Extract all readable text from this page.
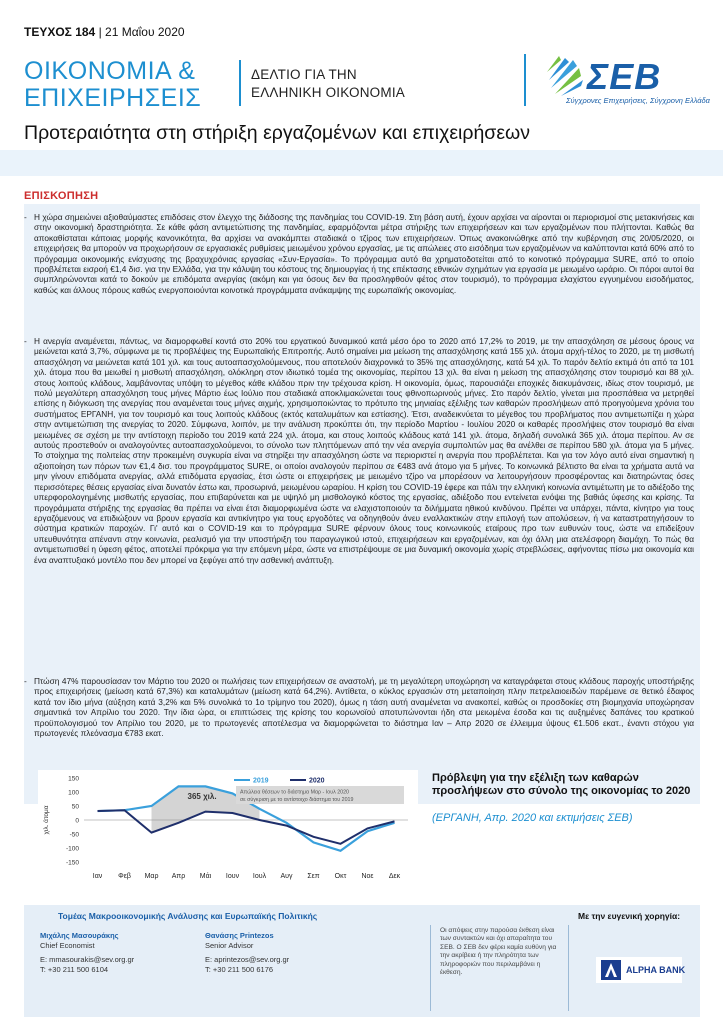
ΤΕΥΧΟΣ 184 | 21 Μαΐου 2020
ΟΙΚΟΝΟΜΙΑ &
ΕΠΙΧΕΙΡΗΣΕΙΣ
ΔΕΛΤΙΟ ΓΙΑ ΤΗΝ
ΕΛΛΗΝΙΚΗ ΟΙΚΟΝΟΜΙΑ	ΣΕΒ
Σύγχρονες Επιχειρήσεις, Σύγχρονη Ελλάδα
Προτεραιότητα στη στήριξη εργαζομένων και επιχειρήσεων
ΕΠΙΣΚΟΠΗΣΗ
- Η χώρα σημειώνει αξιοθαύμαστες επιδόσεις στον έλεγχο της διάδοσης της πανδημίας του COVID-19. Στη βάση αυτή, έχουν αρχίσει να αίρονται οι περιορισμοί στις μετακινήσεις και στην οικονομική δραστηριότητα. Σε κάθε φάση αντιμετώπισης της πανδημίας, εφαρμόζονται μέτρα στήριξης των επιχειρήσεων και των εργαζομένων που πλήττονται. Καθώς θα αποκαθίσταται κάποιας μορφής κανονικότητα, θα αρχίσει να ανακάμπτει σταδιακά ο τζίρος των επιχειρήσεων. Όπως ανακοινώθηκε από την κυβέρνηση στις 20/05/2020, οι επιχειρήσεις θα μπορούν να προχωρήσουν σε εργασιακές ρυθμίσεις μειωμένου χρόνου εργασίας, με τις απώλειες στο εισόδημα των εργαζομένων να καλύπτονται κατά 60% από το πρόγραμμα οικονομικής ενίσχυσης της βραχυχρόνιας εργασίας «Συν-Εργασία». Το πρόγραμμα αυτό θα χρηματοδοτείται από το κοινοτικό πρόγραμμα SURE, από το οποίο προβλέπεται εισροή €1,4 δισ. για την Ελλάδα, για την κάλυψη του κόστους της δημιουργίας ή της επέκτασης εθνικών σχημάτων για εργασία με μειωμένο ωράριο. Οι πόροι αυτοί θα συμπληρώνονται κατά το δοκούν με επιδόματα ανεργίας (ακόμη και για όσους δεν θα προσληφθούν φέτος στον τουρισμό), το πρόγραμμα ελαχίστου εγγυημένου εισοδήματος, καθώς και άλλους πόρους καθώς ενεργοποιούνται κοινοτικά προγράμματα ανάκαμψης της ευρωπαϊκής οικονομίας.
- Η ανεργία αναμένεται, πάντως, να διαμορφωθεί κοντά στο 20% του εργατικού δυναμικού κατά μέσο όρο το 2020 από 17,2% το 2019, με την απασχόληση σε μέσους όρους να μειώνεται κατά 3,7%, σύμφωνα με τις προβλέψεις της Ευρωπαϊκής Επιτροπής. Αυτό σημαίνει μια μείωση της απασχόλησης κατά 155 χιλ. άτομα αρχή-τέλος το 2020, με τη μισθωτή απασχόληση να μειώνεται κατά 101 χιλ. και τους αυτοαπασχολούμενους, που αποτελούν διαχρονικά το 35% της απασχόλησης, κατά 54 χιλ. Το παρόν δελτίο εκτιμά ότι από τα 101 χιλ. άτομα που θα μειωθεί η μισθωτή απασχόληση, ολόκληρη στον ιδιωτικό τομέα της οικονομίας, περίπου 13 χιλ. θα είναι η μείωση της απασχόλησης στον τουρισμό και 88 χιλ. στους λοιπούς κλάδους, λαμβάνοντας υπόψη το μέγεθος κάθε κλάδου πριν την τρέχουσα κρίση. Η οικονομία, όμως, παρουσιάζει εποχικές διακυμάνσεις, ιδίως στον τουρισμό, με πολύ μεγαλύτερη απασχόληση τους μήνες Μάρτιο έως Ιούλιο που σταδιακά αποκλιμακώνεται τους φθινοπωρινούς μήνες. Στο παρόν δελτίο, γίνεται μια προσπάθεια να μετρηθεί επίσης η διόγκωση της ανεργίας που αναμένεται τους μήνες αιχμής, χρησιμοποιώντας το πρότυπο της μηνιαίας εξέλιξης των καθαρών προσλήψεων από προηγούμενα χρόνια του συστήματος ΕΡΓΑΝΗ, για τον τουρισμό και τους λοιπούς κλάδους (εκτός καταλυμάτων και εστίασης). Έτσι, αναδεικνύεται το μέγεθος του προβλήματος που αντιμετωπίζει η χώρα στην αντιμετώπιση της ανεργίας το 2020. Σύμφωνα, λοιπόν, με την ανάλυση προκύπτει ότι, την περίοδο Μαρτίου - Ιουλίου 2020 οι καθαρές προσλήψεις στον τουρισμό θα είναι μειωμένες σε σχέση με την αντίστοιχη περίοδο του 2019 κατά 224 χιλ. άτομα, και στους λοιπούς κλάδους κατά 141 χιλ. άτομα, δηλαδή συνολικά 365 χιλ. άτομα περίπου. Αν σε αυτούς προστεθούν οι αναλογούντες αυτοαπασχολούμενοι, το σύνολο των πληττόμενων από την νέα ανεργία συμπολιτών μας θα ανέλθει σε περίπου 580 χιλ. άτομα για 5 μήνες. Το στοίχημα της πολιτείας στην προκειμένη συγκυρία είναι να στηρίξει την απασχόληση ώστε να περιοριστεί η ανεργία που προβλέπεται. Και για τον λόγο αυτό είναι σημαντική η αξιοποίηση των πόρων των €1,4 δισ. του προγράμματος SURE, οι οποίοι αναλογούν περίπου σε €483 ανά άτομο για 5 μήνες. Το κοινωνικά βέλτιστο θα είναι τα χρήματα αυτά να μην γίνουν επιδόματα ανεργίας, αλλά επιδόματα εργασίας, έτσι ώστε οι επιχειρήσεις με μειωμένο τζίρο να μπορέσουν να λειτουργήσουν προσφέροντας και διατηρώντας όσες περισσότερες θέσεις εργασίας είναι δυνατόν έστω και, προσωρινά, μειωμένου ωραρίου. Η κρίση του COVID-19 έφερε και πάλι την ελληνική κοινωνία αντιμέτωπη με το αδιέξοδο της υπερφορολογημένης μισθωτής εργασίας, που επιβαρύνεται και με υψηλό μη μισθολογικό κόστος της εργασίας, αδιέξοδο που εντείνεται ενόψει της βαθιάς ύφεσης και κρίσης. Τα προγράμματα στήριξης της εργασίας θα πρέπει να είναι έτσι διαμορφωμένα ώστε να ελαχιστοποιούν τα διλήμματα ηθικού κινδύνου. Πρέπει να υπάρχει, πάντα, κίνητρο για τους εργαζόμενους να επιδιώξουν να βρουν εργασία και αντικίνητρο για τους εργοδότες να οδηγηθούν άνευ εναλλακτικών στην επιλογή των απολύσεων, ή να καταστρατηγήσουν το σύστημα κρατικών παροχών. Γι' αυτό και ο COVID-19 και το πρόγραμμα SURE φέρνουν όλους τους κοινωνικούς εταίρους προ των ευθυνών τους, ώστε να επιδείξουν υπευθυνότητα απέναντι στην κοινωνία, ρεαλισμό για την υποστήριξη του παραγωγικού ιστού, επιχειρήσεων και εργαζομένων, και όχι άλλη μια ατελέσφορη διαμάχη. Το πώς θα αντιμετωπισθεί η ύφεση φέτος, αποτελεί πρόκριμα για την επόμενη μέρα, ώστε να επιστρέψουμε σε μια δυναμική οικονομία χωρίς στρεβλώσεις, αφήνοντας πίσω μια οικονομία και ένα αναπτυξιακό μοντέλο που δεν μπορεί να ξεφύγει από την ασθενική ανάπτυξη.
- Πτώση 47% παρουσίασαν τον Μάρτιο του 2020 οι πωλήσεις των επιχειρήσεων σε αναστολή, με τη μεγαλύτερη υποχώρηση να καταγράφεται στους κλάδους παροχής υποστήριξης προς επιχειρήσεις (μείωση κατά 67,3%) και καταλυμάτων (μείωση κατά 64,2%). Αντίθετα, ο κύκλος εργασιών στη μεταποίηση πλην πετρελαιοειδών παρέμεινε σε θετικό έδαφος κατά τον ίδιο μήνα (αύξηση κατά 3,2% και 5% συνολικά το 1ο τρίμηνο του 2020), όμως η τάση αυτή αναμένεται να ανακοπεί, καθώς οι προσδοκίες στη βιομηχανία υποχώρησαν σημαντικά τον Απρίλιο του 2020. Την ίδια ώρα, οι επιπτώσεις της κρίσης του κορωνοϊού αποτυπώνονται ήδη στα μειωμένα έσοδα και τις αυξημένες δαπάνες του κρατικού προϋπολογισμού τον Απρίλιο του 2020, με το πρωτογενές αποτέλεσμα να διαμορφώνεται το διάστημα Ιαν – Απρ 2020 σε έλλειμμα ύψους €1.506 εκατ., έναντι στόχου για πρωτογενές πλεόνασμα €783 εκατ.
150
100
50
0
-50
-100
-150
χιλ. άτομα
Ιαν Φεβ Μαρ Απρ Μάι Ιουν Ιουλ Αυγ Σεπ Οκτ Νοε Δεκ
2019	2020
Απώλεια θέσεων το διάστημα Μαρ - Ιουλ 2020
σε σύγκριση με το αντίστοιχο διάστημα του 2019
365 χιλ.
Πρόβλεψη για την εξέλιξη των καθαρών προσλήψεων στο σύνολο της οικονομίας το 2020
(ΕΡΓΑΝΗ, Απρ. 2020 και εκτιμήσεις ΣΕΒ)
Τομέας Μακροοικονομικής Ανάλυσης και Ευρωπαϊκής Πολιτικής	Με την ευγενική χορηγία:
Μιχάλης Μασουράκης
Chief Economist
E: mmasourakis@sev.org.gr
T: +30 211 500 6104
Θανάσης Printezos
Senior Advisor
E: aprintezos@sev.org.gr
T: +30 211 500 6176
Οι απόψεις στην παρούσα έκθεση είναι των συντακτών και όχι απαραίτητα του ΣΕΒ. Ο ΣΕΒ δεν φέρει καμία ευθύνη για την ακρίβεια ή την πληρότητα των πληροφοριών που περιλαμβάνει η έκθεση.	ALPHA BANK
